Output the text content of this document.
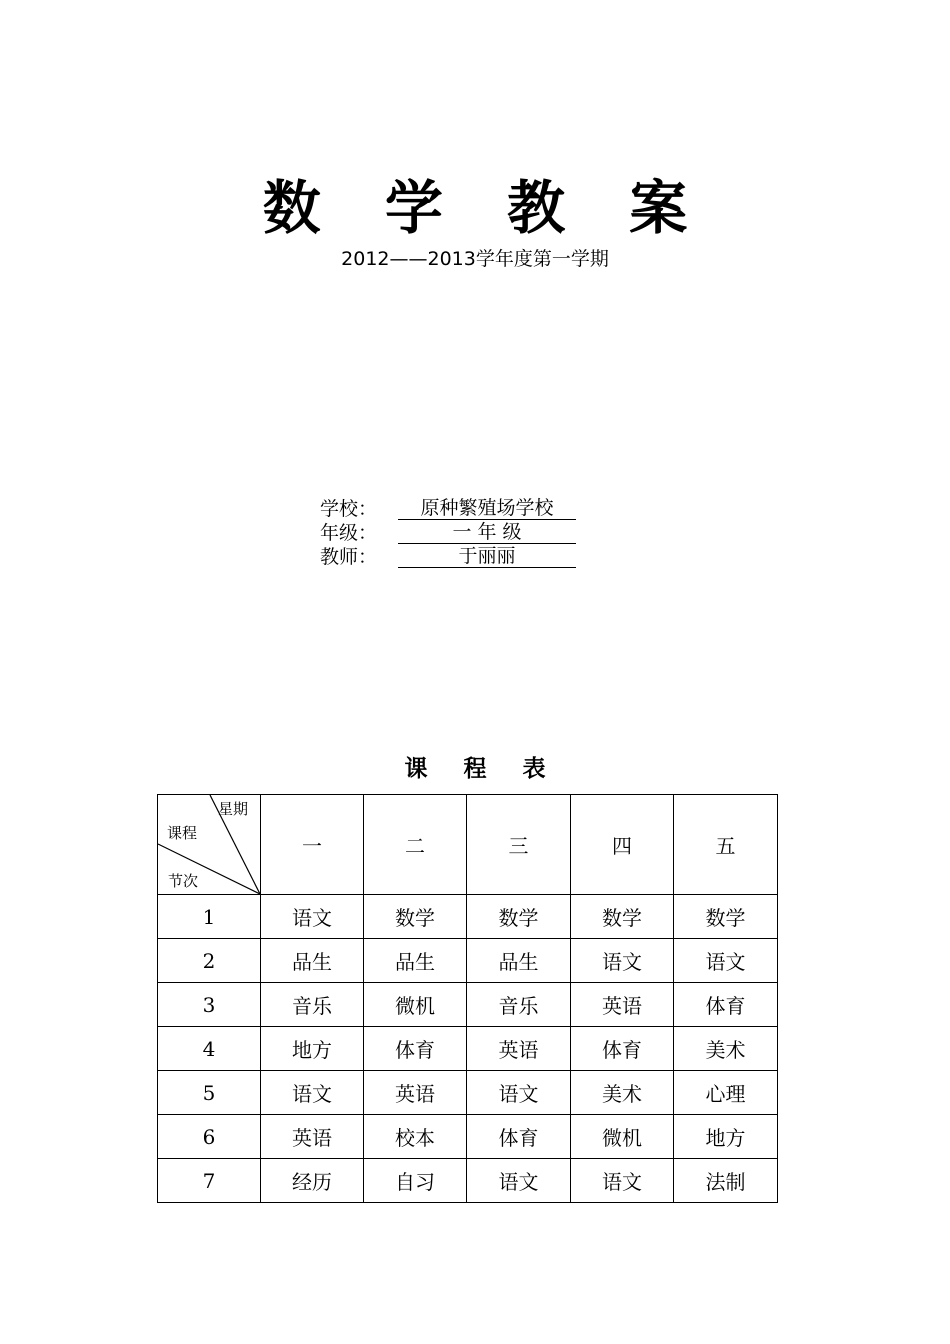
数 学 教 案
2012——2013学年度第一学期
学校：	原种繁殖场学校
年级：	一 年 级
教师：	于丽丽
课 程 表
星期
课程
节次	一	二	三	四	五
1	语文	数学	数学	数学	数学
2	品生	品生	品生	语文	语文
3	音乐	微机	音乐	英语	体育
4	地方	体育	英语	体育	美术
5	语文	英语	语文	美术	心理
6	英语	校本	体育	微机	地方
7	经历	自习	语文	语文	法制
